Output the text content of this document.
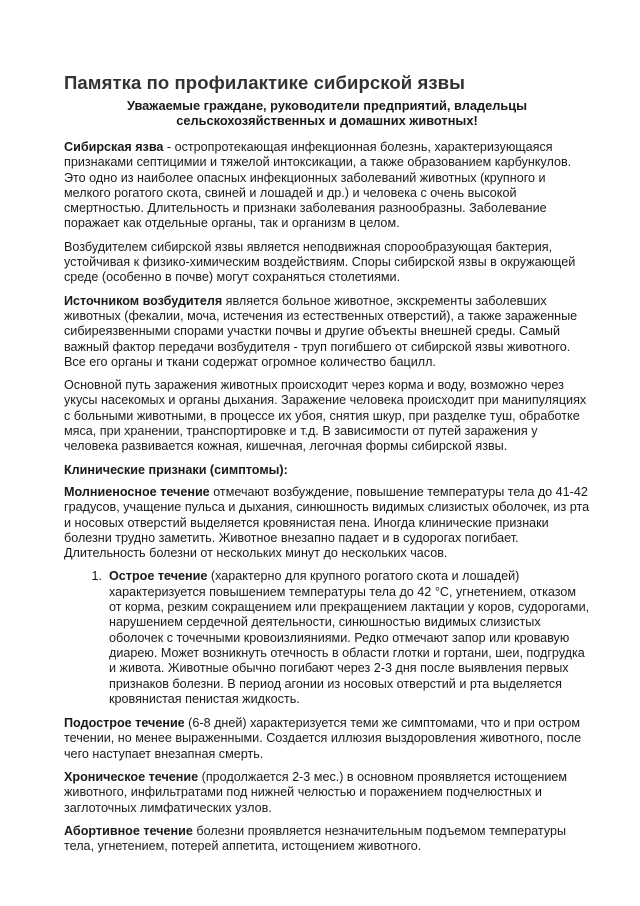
Памятка по профилактике сибирской язвы
Уважаемые граждане, руководители предприятий, владельцы
сельскохозяйственных и домашних животных!

Сибирская язва - остропротекающая инфекционная болезнь, характеризующаяся признаками септицимии и тяжелой интоксикации, а также образованием карбункулов. Это одно из наиболее опасных инфекционных заболеваний животных (крупного и мелкого рогатого скота, свиней и лошадей и др.) и человека с очень высокой смертностью. Длительность и признаки заболевания разнообразны. Заболевание поражает как отдельные органы, так и организм в целом.

Возбудителем сибирской язвы является неподвижная спорообразующая бактерия, устойчивая к физико-химическим воздействиям. Споры сибирской язвы в окружающей среде (особенно в почве) могут сохраняться столетиями.

Источником возбудителя является больное животное, экскременты заболевших животных (фекалии, моча, истечения из естественных отверстий), а также зараженные сибиреязвенными спорами участки почвы и другие объекты внешней среды. Самый важный фактор передачи возбудителя - труп погибшего от сибирской язвы животного. Все его органы и ткани содержат огромное количество бацилл.

Основной путь заражения животных происходит через корма и воду, возможно через укусы насекомых и органы дыхания. Заражение человека происходит при манипуляциях с больными животными, в процессе их убоя, снятия шкур, при разделке туш, обработке мяса, при хранении, транспортировке и т.д. В зависимости от путей заражения у человека развивается кожная, кишечная, легочная формы сибирской язвы.

Клинические признаки (симптомы):

Молниеносное течение отмечают возбуждение, повышение температуры тела до 41-42 градусов, учащение пульса и дыхания, синюшность видимых слизистых оболочек, из рта и носовых отверстий выделяется кровянистая пена. Иногда клинические признаки болезни трудно заметить. Животное внезапно падает и в судорогах погибает. Длительность болезни от нескольких минут до нескольких часов.

1. Острое течение (характерно для крупного рогатого скота и лошадей) характеризуется повышением температуры тела до 42 °С, угнетением, отказом от корма, резким сокращением или прекращением лактации у коров, судорогами, нарушением сердечной деятельности, синюшностью видимых слизистых оболочек с точечными кровоизлияниями. Редко отмечают запор или кровавую диарею. Может возникнуть отечность в области глотки и гортани, шеи, подгрудка и живота. Животные обычно погибают через 2-3 дня после выявления первых признаков болезни. В период агонии из носовых отверстий и рта выделяется кровянистая пенистая жидкость.

Подострое течение (6-8 дней) характеризуется теми же симптомами, что и при остром течении, но менее выраженными. Создается иллюзия выздоровления животного, после чего наступает внезапная смерть.

Хроническое течение (продолжается 2-3 мес.) в основном проявляется истощением животного, инфильтратами под нижней челюстью и поражением подчелюстных и заглоточных лимфатических узлов.

Абортивное течение болезни проявляется незначительным подъемом температуры тела, угнетением, потерей аппетита, истощением животного.
